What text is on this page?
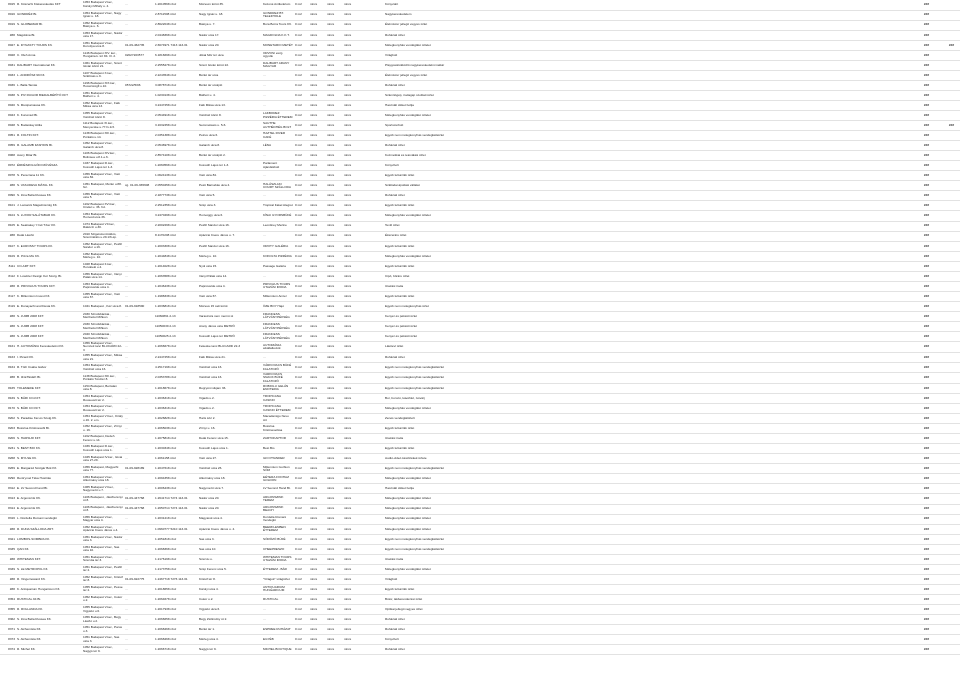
8015	R. Kőszerbi Kiskereskedés KFT	1053 Budapest V.ker., Károlyi Mihály u. 4.	...	1.2010568 rősz	Múzeum körút 35.	Kézoné Antikvárium	0 m2	nincs	nincs	nincs		Könyvtárt											###	
8016	GONDRÉZ Bt.	1054 Budapest V.ker., Nagy Ignác u. 18.	...	2.8711508 rősz	Nagy Ignác u. 18.	GONDREZ BT. TELEFHOLE	0 m2	nincs	nincs	nincs		Nagykereskedelem											###	
8019	S. GLOBEMAR Bt.	1052 Budapest V.ker., Bástya u. 6.	...	2.8622048 rősz	Bástya u. 7.	Bora Borra Tours Kft.	0 m2	nincs	nincs	nincs		Élelmiszer jellegű vegyes üzlet											###	
###	Magdolna Bt.	1053 Budapest V.ker., Nádor utca 17.	...	2.0448368 rősz	Nádor utca 17.	MAGDOLNA K.K.T.	0 m2	nincs	nincs	nincs		Ruházati üzlet											###	
8027	E. DYNASTY TOURS Kft.	1051 Budapest V.ker., Dorottya utca 8.	01-09-462735	2.6674971 7413 113-01	Nádor utca 20.	MONETARIO METÉT	0 m2	nincs	nincs	nincs		Mélegkonyhás vendéglátó üzlelet											###	###
8028	C. Oleh Anna	1146 Budapest XIV. ker., Hungária k. krt 84. III. 2.	02027203577	6.1816698 rősz	Jókai Mór tér utca	ORVOSI eszg. ügynök	0 m2	nincs	nincs	nincs		Virágbolt											###	
8031	DALIBART International Kft.	1061 Budapest V.ker., Szent István körút 21.	...	2.2555278 rősz	Szent István körút 22.	DALIBART ARANY MAGYAR	0 m2	nincs	nincs	nincs		Playgossitókközlő nagykereskedelmi raktár											###	
8033	L. ANDRÓSZ 99 Kft.	1107 Budapest X.ker., Szállmás u.9.	...	2.2243548 rősz	Bérkó tér utca	...	0 m2	nincs	nincs	nincs		Élelmiszer jellegű vegyes üzlet											###	
8036	L. Balla Tamás	1196 Budapest XIX.ker., Hosszúrégfi u.10.	05722/5/96	3.0878718 rősz	Bérkó tér utcájnit	...	0 m2	nincs	nincs	nincs		Ruházati üzlet											###	
8038	S. PIV RUGOR BIEDALBÉPÍTŐ KFT	1051 Budapest V.ker., Báthori u. 4.	...	1.0230138 rősz	Báthori u. 4.	...	0 m2	nincs	nincs	nincs		Számítógép, irodagép szolitati üzlet											###	
8040	S. Mustparnassa Kft.	1052 Budapest V.ker., Falk Miksa utca 13.	...	3.2447258 rősz	Falk Miksa utca 13.	...	0 m2	nincs	nincs	nincs		Használt cikket bolija											###	
8043	K. Kuruméd Bt.	1055 Budapest V.ker., Vámház körút 8.	...	2.0544918 rősz	Vámház körút 8.	LAKBOREZ PIZZÉRIA ÉTTEREM	0 m2	nincs	nincs	nincs		Mélegkonyhás vendéglátó üzlelet											###	
8048	S. Budaiolay Attila	1112 Budapest XI.ker., Menyecske u.77.fs.1/3.	...	3.1632458 rősz	Semmelweis u. 5-6.	SAUTHE AUTHÉDHÉG BOLT	0 m2	nincs	nincs	nincs		Sportszerbolt											###	###
8051	R. FOLTIN KFT.	1138 Budapest XIII.ker., Pórkátó u.14.	...	2.0351388 rősz	Petrus utca 6.	HAZTEL RIVER CAFÉ	0 m2	nincs	nincs	nincs		Egyéb nem mélegkonyhás vendéglátóüzlet											###	
8059	R. GALAMB FASHION Bt.	1052 Budapest V.ker., Galamb utca 8.	...	2.0546978 rősz	Galamb utca 8.	LÉNA	0 m2	nincs	nincs	nincs		Ruházati üzlet											###	
8068	Avery Mitar Bt.	1106 Budapest XIV.ker., Bolinsea u.8.1.e.6.	...	2.8574108 rősz	Bérkó tér utcájnit 2.	...	0 m2	nincs	nincs	nincs		Kozmetikai és tetoválási üzlet											###	
8072	ÉRDÉSZOLGÓDI MŰVÉSZA	1037 Budapest III.ker., Kossuth Lajos tér 1-3.	...	1.2060568 rősz	Kossuth Lajos tér 1-3.	Parlament Ajándékbolt	0 m2	nincs	nincs	nincs		Könyvbolt											###	
8078	S. Perecrana 11 Kft.	1056 Budapest V.ker., Váci utca 84.	...	1.0624138 rősz	Váci utca 84.	...	0 m2	nincs	nincs	nincs		Egyéb tulturcikk üzlet											###	
###	S. VASUDEVA MÁTAL Kft.	1051 Budapest, Mérlei u.88. fsz.	cg. 01-09-365608	2.0550458 rősz	Pesti Barnabás utca 4.	HALÁSZLAKI COURT SZÁLLODA	0 m2	nincs	nincs	nincs		Szállodai ápoltási vállalat											###	
8090	S. Irina Bella Russea Kft.	1056 Budapest V.ker., Váci utca 5.	...	2.1877738 rősz	Váci utca 5.	...	0 m2	nincs	nincs	nincs		Ruházati üzlet											###	
8101	J. Lamarck Magazinszolg Kft.	1162 Budapest XVI.ker., Cindel u. 36. fsz.	...	2.2512358 rősz	Szép utca 3.	Tropical Fakel Alegret	0 m2	nincs	nincs	nincs		Egyéb tulturcikk üzlet											###	
8104	S. LUXOR SALÁTABAR Kft.	1054 Budapest V.ker., Honvéd utca 36.	...	3.2470498 rősz	Honvéggy utca 6.	KÍNAI GYORSBÜFÉ	0 m2	nincs	nincs	nincs		Mélegkonyhás vendéglátó üzlelet											###	
8105	E. Seatrakey Y.Ind.T.Ker Kft.	1074 Budapest VII.ker., Rákóczi u.30.	...	2.2002298 rősz	Petőfi Sándor utca 16.	Leonitney Mertne	0 m2	nincs	nincs	nincs		Textil üzlet											###	
###	Deák László	2010 Szigetszentmiklós, Szentmiklós u.29.1/6.ép.	...	8.1170208 rősz	Apáczai Csere János u. 7.	...	0 m2	nincs	nincs	nincs		Ékszeráru üzlet											###	
8107	K. EUROSSY TOURS Kft.	1052 Budapest V.ker., Petőfi Sándor u.16.	...	1.2003308 rősz	Petőfi Sándor utca 16.	OROTY GALÉRIA	0 m2	nincs	nincs	nincs		Egyéb tulturcikk üzlet											###	
8109	R. Pizza Mix Kft.	1052 Budapest V.ker., Mérleg u. 10.	...	1.2044848 rősz	Mérleg u. 10.	KOKOLTA PIZZÉRIA	0 m2	nincs	nincs	nincs		Mélegkonyhás vendéglátó üzlelet											###	
8111	CO-ART KFT.	1028 Budapest II.ker., Horváteki u.4.	...	1.2014028 rősz	Nyúl utca 15.	Passage Galéria	0 m2	nincs	nincs	nincs		Egyéb tulturcikk üzlet											###	
8112	F. Lowitzer Design Kér Szolg. Bt.	1056 Budapest V.ker., Irányi Pálak utca 14.	...	1.2063588 rősz	Irányi Pálak utca 14.	...	0 m2	nincs	nincs	nincs		Cipő, bőráru üzlet											###	
###	R. PRIVIGIUS TOURS KFT.	1053 Budapest V.ker., Papnövelde utca 4.	...	1.2046438 rősz	Papnövelde utca 4.	PRIVIGIUS TOURS UTAZÁSI IRODA	0 m2	nincs	nincs	nincs		Utazási iroda											###	
8117	K. Millennium Invest Kft.	1055 Budapest V.ker., Váci utca 67.	...	1.1988338 rősz	Váci utca 67.	Millennium Amtel	0 m2	nincs	nincs	nincs		Egyéb tulturcikk üzlet											###	
8119	E. Dunayachi and Desia Kft.	1041 Budapest , Kéz utca 8.	01-09-918590	1.2036818 rősz	Múzeus 15 óeli körút	ÖZE BOY Hajó	0 m2	nincs	nincs	nincs		Egyéb nem mélegkonyhás üzlet											###	
###	S. JUMB 2008 KFT.	2030 Szindsbánkai., Mertheitul Mihkun	...	11060891 2-13	Varaszsza nem mernü út	FRANCESS LÁTVÁNYPÉKSÉG	0 m2	nincs	nincs	nincs		Kenyér és péksüti üzlet											###	
###	S. JUMB 2008 KFT.	2030 Szindsbánkai., Mertheitul Mihkun	...	11050039 2-13	Arany János utca METRÓ	FRANCESS LÁTVÁNYPÉKSÉG	0 m2	nincs	nincs	nincs		Kenyér és péksüti üzlet											###	
###	S. JUMB 2008 KFT.	2040 Szindsbánkai., Mertheitul Mihkun	...	11050025 2-13	Kossuth Lajos tér METRÓ	FRANCESS LÁTVÁNYPÉKSÉG	0 m2	nincs	nincs	nincs		Kenyér és péksüti üzlet											###	
8161	H. AUTOMÁNIA Kereskedelmi Kft.	1056 Budapest V.ker., Nemzeti tanc BLUCARD 22-3	...	1.2066678 rősz	Fekeske tanc BLUCARD 22-3	AUTOMÁNIA alvállalkozók	0 m2	nincs	nincs	nincs		Látótevl üzlet											###	
8163	I. Picard Kft.	1055 Budapest V.ker., Miksa utca 21.	...	2.2447258 rősz	Falk Miksa utca 21.	...	0 m2	nincs	nincs	nincs		Ruházati üzlet											###	
8164	R. Tóth Csaba Gábor	1054 Budapest V.ker., Vámház utca 16.	...	4.2517198 rősz	Vámház utca 16.	VÁRKOVACS BÜFÉ FALATOZÓ	0 m2	nincs	nincs	nincs		Egyéb nem mélegkonyhás vendéglátóüzlet											###	
###	B. IZ-ETELEK Bt.	1138 Budapest XIII.ker., Pórkátó Tésztér 8.	...	2.0353788 rősz	Vámház utca 16.	VÁRKOVACS SNACK BÜFÉ FALATOZÓ	0 m2	nincs	nincs	nincs		Egyéb nem mélegkonyhás vendéglátóüzlet											###	
8165	TOLEMEDE KFT.	1154 Budapest, Bertalan utca 8.	...	1.2018678 rősz	Regryéni sikjam 36.	ROBIOLU GELÁN ENOTERIA	0 m2	nincs	nincs	nincs		Egyéb nem mélegkonyhás vendéglátóüzlet											###	
8169	S. BÁRI CO-KFT.	1054 Budapest V.ker., Roosevelt tér 2.	...	1.2036318 rősz	Vigadó u.2.	TROPICANA CASINO	0 m2	nincs	nincs	nincs		Bor, borozó, kávéház, ivóvárj											###	
8170	S. BÁRI CO KFT.	1054 Budapest V.ker., Roosevelt tér 2.	...	1.2036318 rősz	Vigadó u.2.	TROPICANA CASINO ÉTTEREM	0 m2	nincs	nincs	nincs		Mélegkonyhás vendéglátó üzlelet											###	
8202	S. Paradise Kér.és Szolg.Kft.	1054 Budapest VI.ker., Király u.16. 2. em.	...	1.2026828 rősz	Haris köz 2.	Macadamigo Nevo Art	0 m2	nincs	nincs	nincs		Zenés vendéglátóbolt											###	
8203	Botorisa Kristinesébl Bt.	1052 Budapest V.ker., Zrínyi u. 16.	...	1.2065038 rősz	Zrínyi u. 16.	Botorisa Kristinesebisa	0 m2	nincs	nincs	nincs		Egyéb tulturcikk üzlet											###	
8206	S. HARSUR KFT.	1162 Budapest, Dedeh Ferenc u.14.	...	1.2075818 rősz	Deák Ferenc utca 15.	ZARTOKAPTOR	0 m2	nincs	nincs	nincs		Utazási iroda											###	
8231	S. BEST BIO Kft.	1036 Budapest III.ker., Kossuth Lajos utca 1.	...	1.2030348 rősz	Kossuth Lajos utca 1.	Best Bio	0 m2	nincs	nincs	nincs		Egyéb tulturcikk üzlet											###	
8268	S. MYLSE Kft.	1045 Budapest IV.ker., Istvai utca 27-29.	...	1.2061158 rősz	Váci utca 27.	GIO PHANDER	0 m2	nincs	nincs	nincs		Audió-videó készülékek üzlete											###	
8269	E. Margaréd Szolgár Bók Kft.	1056 Budapest, Magyarhi utca 77.	01-09-928189	1.2047618 rősz	Vámház utca 26.	Millennium Gorbion SÖM	0 m2	nincs	nincs	nincs		Egyéb nem mélegkonyhás vendéglátóüzlet											###	
8290	Rentrymel Téka Hustriás	1054 Budapest V.ker., Alkotmány utca 18.	...	1.2094358 rősz	Alkotmány utca 18.	EÉTERA FOOHAZ GOLDON	0 m2	nincs	nincs	nincs		Mélegkonyhás vendéglátó üzlelet											###	
8312	E. LV Second hand Bt.	1065 Budapest VI.ker., Nagymező u.7.	...	1.2006438 rősz	Nagymező utca 7.	LV Second Hand Bt.	0 m2	nincs	nincs	nincs		Használt cikket bolija											###	
8313	E. Argonsznk Kft.	1106 Budapest , Jászberényi út 8.	01-09-447768	1.2641714 7274 113-01	Nádor utca 20.	ARGONSZINK TEREM	0 m2	nincs	nincs	nincs		Mélegkonyhás vendéglátó üzlelet											###	
8314	E. Argonsznk Kft.	1106 Budapest , Jászberényi út 8.	01-09-447768	1.2650714 7274 113-01	Nádor utca 20.	ARGONSZINK BEACH	0 m2	nincs	nincs	nincs		Mélegkonyhás vendéglátó üzlelet											###	
8316	L. Dordella Romani vendéglő	1056 Budapest V.ker., Magyar utca 4.	...	1.2031218 rősz	Magyarok utca 4.	Dordella Romani Vendéglő	0 m2	nincs	nincs	nincs		Mélegkonyhás vendéglátó üzlelet											###	
###	R. DUNA SZÁLLODA ZRT.	1052 Budapest V.ker., Apáczai Csere János u.4.	...	1.0960777 5210 113-01	Apáczai Csere János u. 4.	BEERFLENBEN ÉTTEREM	0 m2	nincs	nincs	nincs		Mélegkonyhás vendéglátó üzlelet											###	
8321	LOMBOS-SOMBRA Kft.	1051 Budapest V.ker., Nádor utca 3.	...	1.2051818 rősz	Sas utca 3.	SŐRÖZŐ BÜFÉ	0 m2	nincs	nincs	nincs		Egyéb nem mélegkonyhás vendéglátóüzlet											###	
8335	QAN Kft.	1054 Budapest V.ker., Sas utca 10.	...	1.2068368 rősz	Sas utca 10.	CHEEPRESZO	0 m2	nincs	nincs	nincs		Egyéb nem mélegkonyhás vendéglátóüzlet											###	
###	WHITEMAN KFT.	1051 Budapest V.ker., Szervita tér 3.	...	1.2176198 rősz	Szerviu u.	WHITEMAN TOURS UTAZÁSI IRODA	0 m2	nincs	nincs	nincs		Utazási iroda											###	
8339	S. LE METROPOL Kft.	1051 Budapest V.ker., Petőfi tér 2.	...	1.2173758 rősz	Szép Ferenc utca 5.	ÉTTEREM - BÁR	0 m2	nincs	nincs	nincs		Mélegkonyhás vendéglátó üzlelet											###	
###	R. Vingerreiward Kft.	1052 Budapest V.ker., Kristóf tér 8.	01-09-922775	1.2467718 7276 113-01	Kristóf tér 8.	"Virágok" virágüzlet	0 m2	nincs	nincs	nincs		Virágbolt											###	
###	K. Antiquarium Hungaricum Kft.	1055 Budapest V.ker., Pesse tér 2.	...	1.2018658 rősz	Károlyi utca 4.	ANTIQUARIUM HUNGARICUM	0 m2	nincs	nincs	nincs		Egyéb tulturcikk üzlet											###	
8354	RUSTICAL 94 Bt.	1052 Budapest V.ker., Cukor u.2.	...	1.2064678 rősz	Cukor u.2.	RUSTICAL	0 m2	nincs	nincs	nincs		Bútor, lakberendezési üzlet											###	
8355	R. ROLLANDA Kft.	1055 Budapest V.ker., Vigyázó u.6.	...	1.2017938 rősz	Vigyázó utca 6.	...	0 m2	nincs	nincs	nincs		Optikai jellegű vegyes üzlet											###	
8362	S. Irina Bella Russea Kft.	1056 Budapest V.ker., Bégy László u.2.	...	1.2066658 rősz	Bégy Zsilinszky út 2.	...	0 m2	nincs	nincs	nincs		Ruházati üzlet											###	
8371	S. Alchemista Kft.	1051 Budapest V.ker., Paros u.3.	...	1.2068468 rősz	Bérkó tér 1.	ESPREE RUHÁZAT	0 m2	nincs	nincs	nincs		Ruházati üzlet											###	
8373	S. Alchemista Kft.	1051 Budapest V.ker., Sas utca 3.	...	1.2068468 rősz	Mérleg utca 4.	EGYÉB	0 m2	nincs	nincs	nincs		Könyvbolt											###	
8374	R. Michel Kft.	1052 Budapest V.ker., Nagyjó tér 9.	...	1.2066718 rősz	Nagyjó tér 9.	MICHEL BOUTIQUE	0 m2	nincs	nincs	nincs		Ruházati üzlet											###	
